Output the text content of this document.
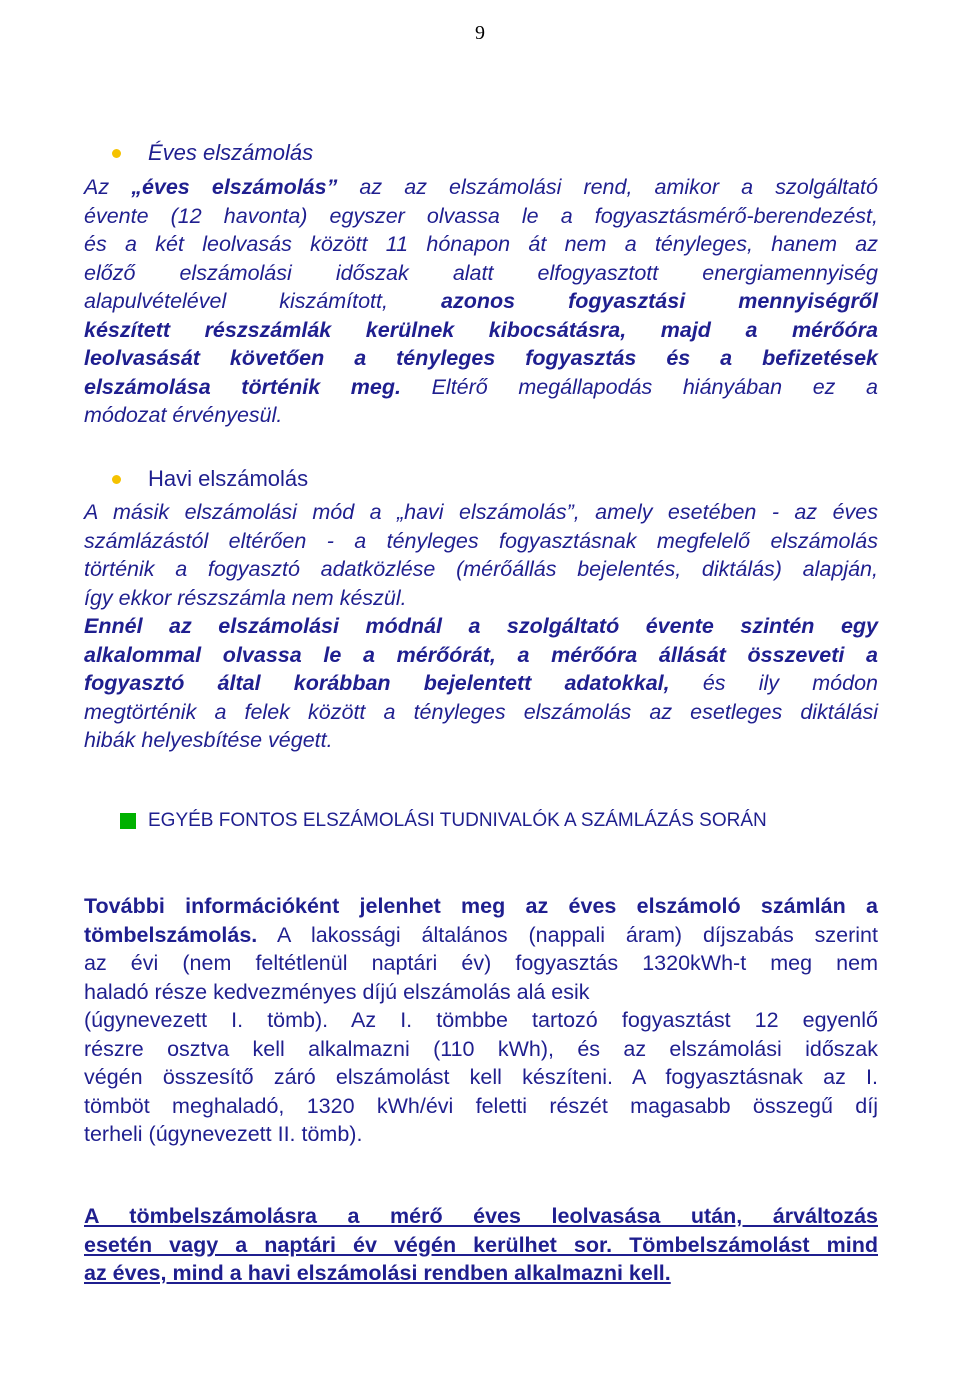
9
Éves elszámolás

Az „éves elszámolás” az az elszámolási rend, amikor a szolgáltató
évente (12 havonta) egyszer olvassa le a fogyasztásmérő-berendezést,
és a két leolvasás között 11 hónapon át nem a tényleges, hanem az
előző elszámolási időszak alatt elfogyasztott energiamennyiség
alapulvételével kiszámított, azonos fogyasztási mennyiségről
készített részszámlák kerülnek kibocsátásra, majd a mérőóra
leolvasását követően a tényleges fogyasztás és a befizetések
elszámolása történik meg. Eltérő megállapodás hiányában ez a
módozat érvényesül.

Havi elszámolás

A másik elszámolási mód a „havi elszámolás”, amely esetében - az éves
számlázástól eltérően - a tényleges fogyasztásnak megfelelő elszámolás
történik a fogyasztó adatközlése (mérőállás bejelentés, diktálás) alapján,
így ekkor részszámla nem készül.
Ennél az elszámolási módnál a szolgáltató évente szintén egy
alkalommal olvassa le a mérőórát, a mérőóra állását összeveti a
fogyasztó által korábban bejelentett adatokkal, és ily módon
megtörténik a felek között a tényleges elszámolás az esetleges diktálási
hibák helyesbítése végett.

EGYÉB FONTOS ELSZÁMOLÁSI TUDNIVALÓK A SZÁMLÁZÁS SORÁN

További információként jelenhet meg az éves elszámoló számlán a
tömbelszámolás. A lakossági általános (nappali áram) díjszabás szerint
az évi (nem feltétlenül naptári év) fogyasztás 1320kWh-t meg nem
haladó része kedvezményes díjú elszámolás alá esik
(úgynevezett I. tömb). Az I. tömbbe tartozó fogyasztást 12 egyenlő
részre osztva kell alkalmazni (110 kWh), és az elszámolási időszak
végén összesítő záró elszámolást kell készíteni. A fogyasztásnak az I.
tömböt meghaladó, 1320 kWh/évi feletti részét magasabb összegű díj
terheli (úgynevezett II. tömb).

A tömbelszámolásra a mérő éves leolvasása után, árváltozás
esetén vagy a naptári év végén kerülhet sor. Tömbelszámolást mind
az éves, mind a havi elszámolási rendben alkalmazni kell.
